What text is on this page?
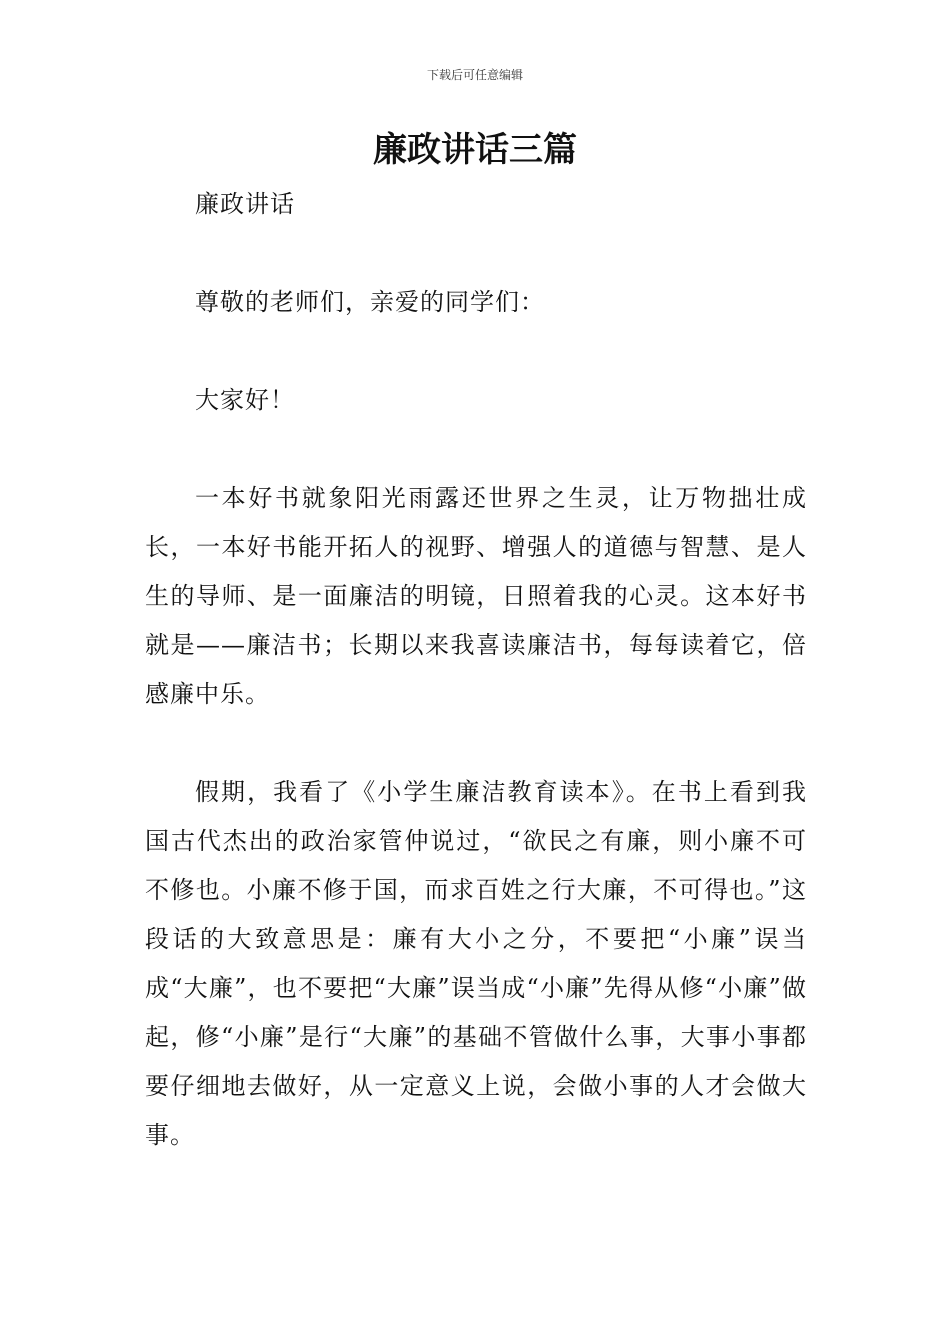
下载后可任意编辑
廉政讲话三篇

廉政讲话

尊敬的老师们，亲爱的同学们：

大家好！

一本好书就象阳光雨露还世界之生灵，让万物拙壮成长，一本好书能开拓人的视野、增强人的道德与智慧、是人生的导师、是一面廉洁的明镜，日照着我的心灵。这本好书就是——廉洁书；长期以来我喜读廉洁书，每每读着它，倍感廉中乐。

假期，我看了《小学生廉洁教育读本》。在书上看到我国古代杰出的政治家管仲说过，“欲民之有廉，则小廉不可不修也。小廉不修于国，而求百姓之行大廉，不可得也。”这段话的大致意思是：廉有大小之分，不要把“小廉”误当成“大廉”，也不要把“大廉”误当成“小廉”先得从修“小廉”做起，修“小廉”是行“大廉”的基础不管做什么事，大事小事都要仔细地去做好，从一定意义上说，会做小事的人才会做大事。
